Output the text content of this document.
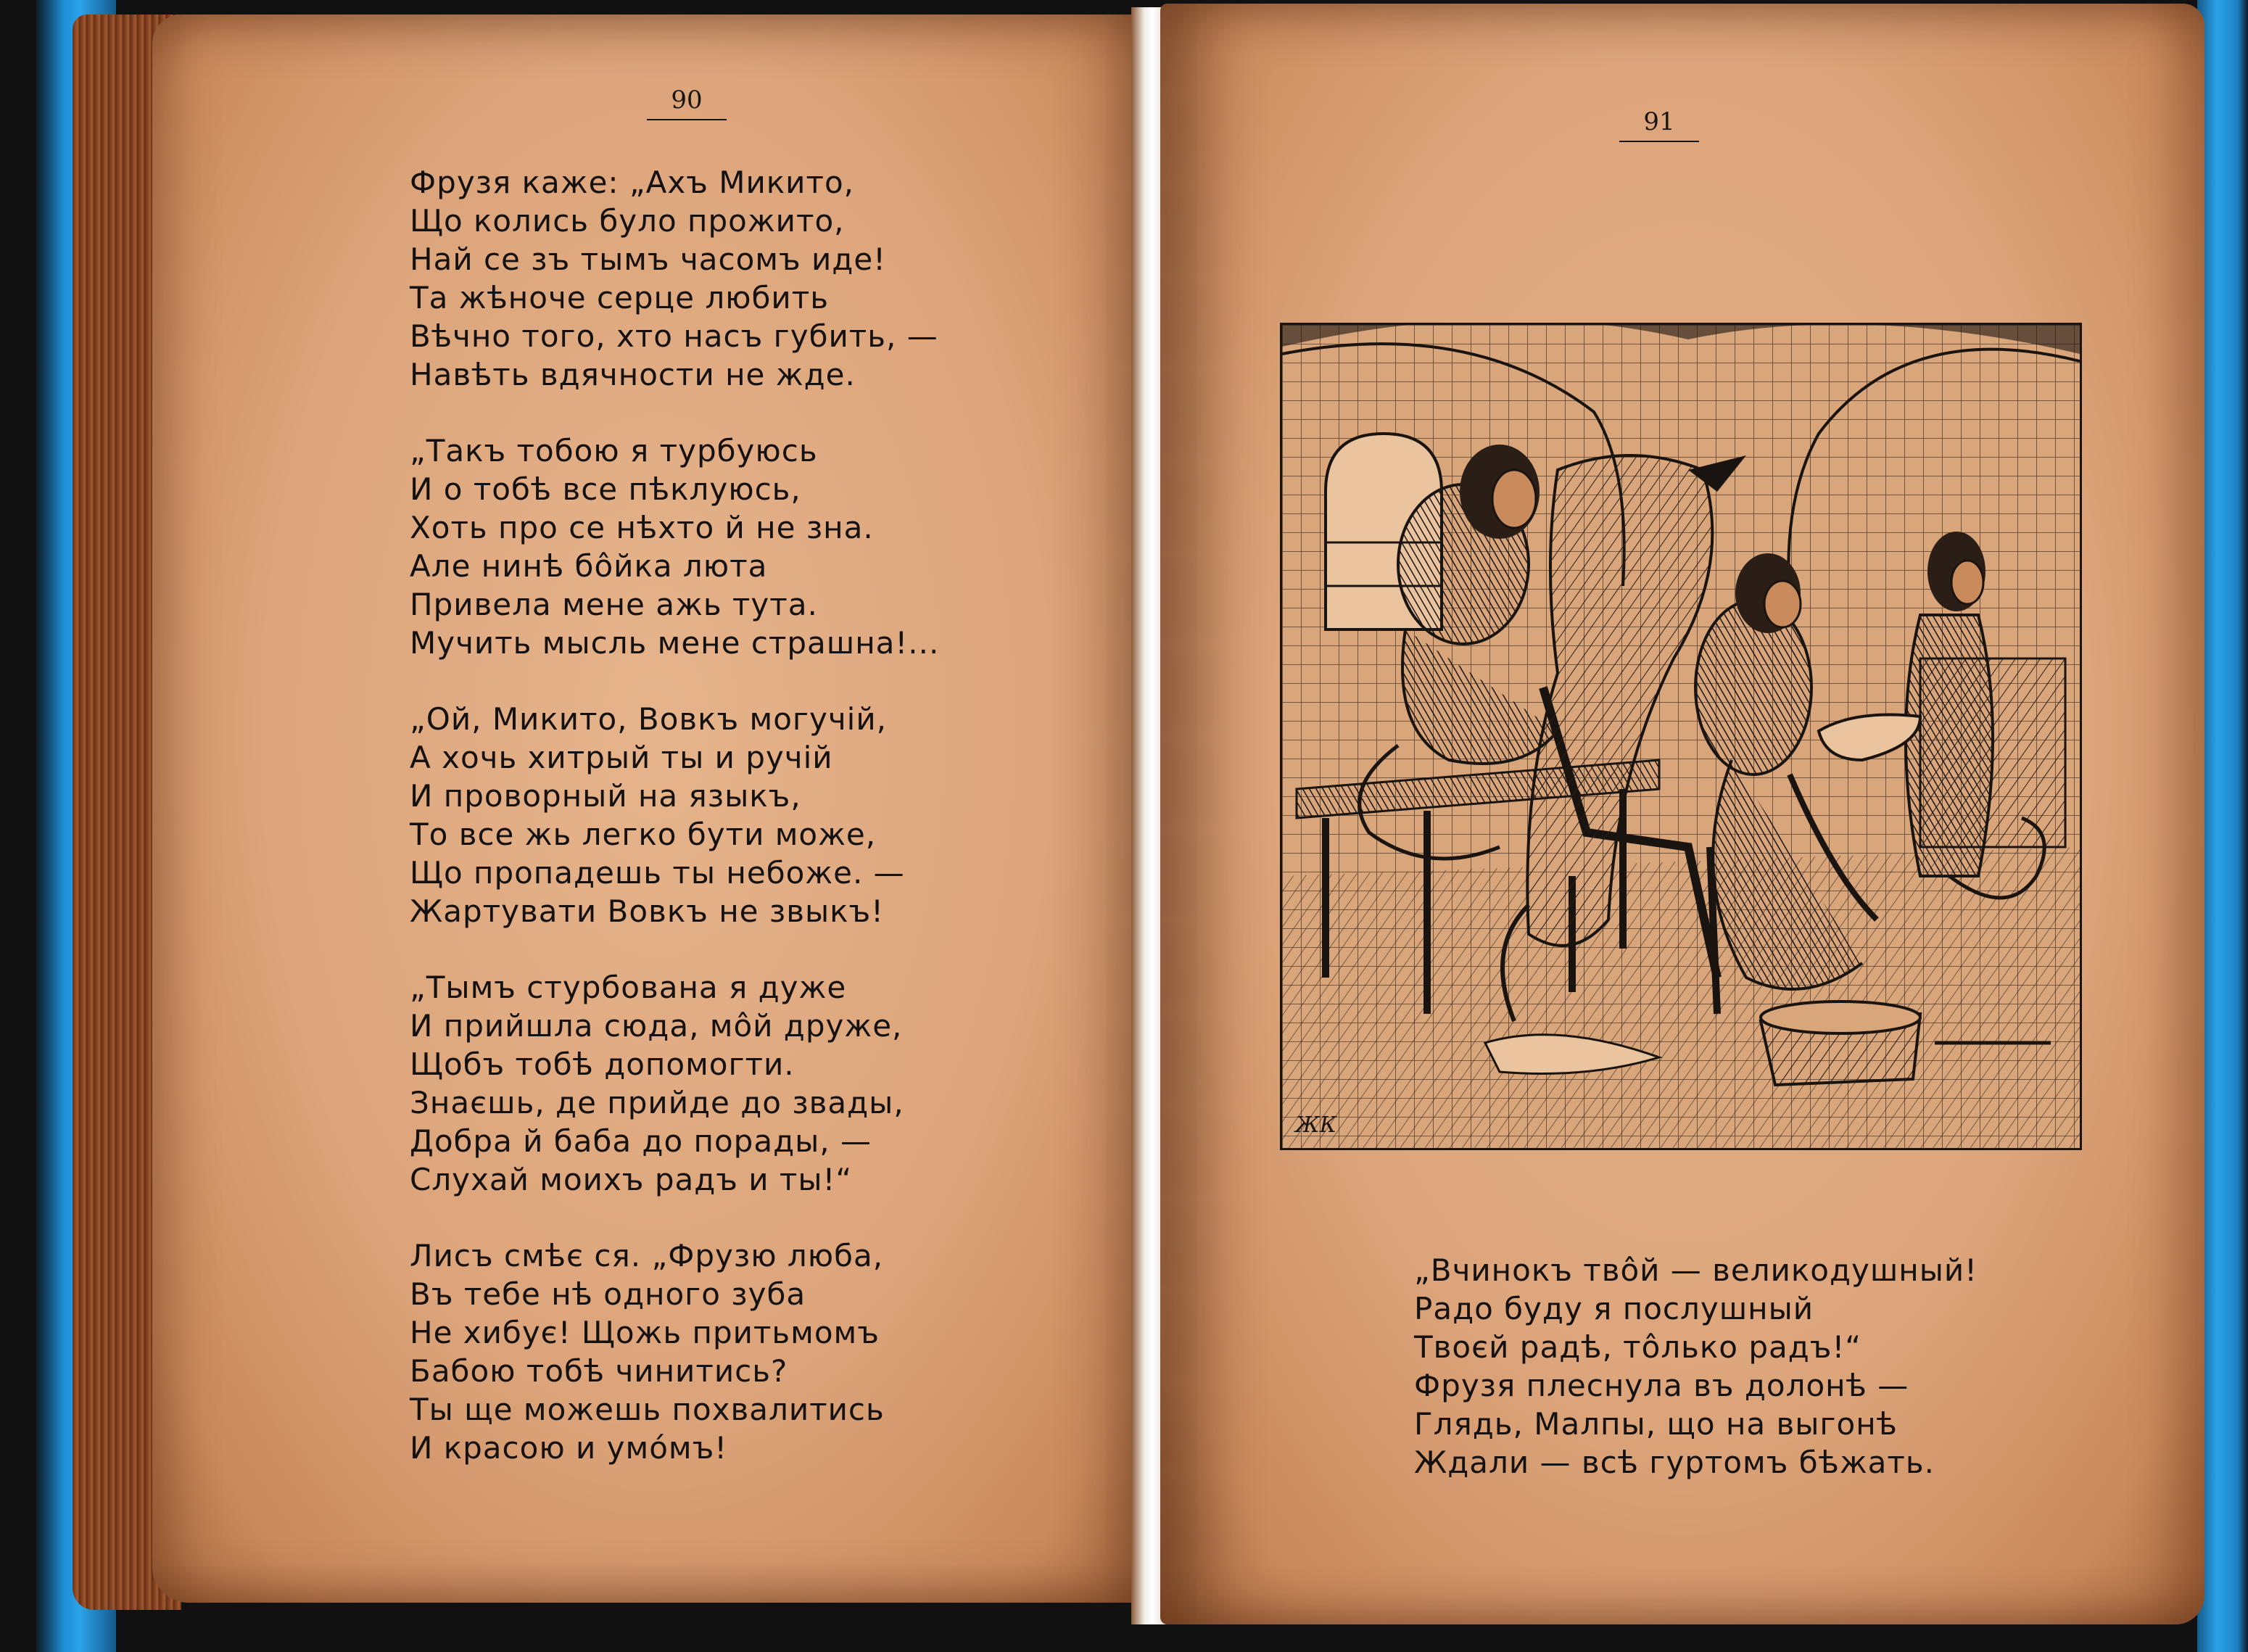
90
Фрузя каже: „Ахъ Микито,
Що колись було прожито,
Най се зъ тымъ часомъ иде!
Та жѣноче серце любить
Вѣчно того, хто насъ губить, —
Навѣть вдячности не жде.
„Такъ тобою я турбуюсь
И о тобѣ все пѣклуюсь,
Хоть про се нѣхто й не зна.
Але нинѣ бôйка люта
Привела мене ажь тута.
Мучить мысль мене страшна!...
„Ой, Микито, Вовкъ могучій,
А хочь хитрый ты и ручій
И проворный на языкъ,
То все жь легко бути може,
Що пропадешь ты небоже. —
Жартувати Вовкъ не звыкъ!
„Тымъ стурбована я дуже
И прийшла сюда, мôй друже,
Щобъ тобѣ допомогти.
Знаєшь, де прийде до звады,
Добра й баба до порады, —
Слухай моихъ радъ и ты!“
Лисъ смѣє ся. „Фрузю люба,
Въ тебе нѣ одного зуба
Не хибує! Щожь притьмомъ
Бабою тобѣ чинитись?
Ты ще можешь похвалитись
И красою и умóмъ!
91
ЖК
„Вчинокъ твôй — великодушный!
Радо буду я послушный
Твоєй радѣ, тôлько радъ!“
Фрузя плеснула въ долонѣ —
Глядь, Малпы, що на выгонѣ
Ждали — всѣ гуртомъ бѣжать.
